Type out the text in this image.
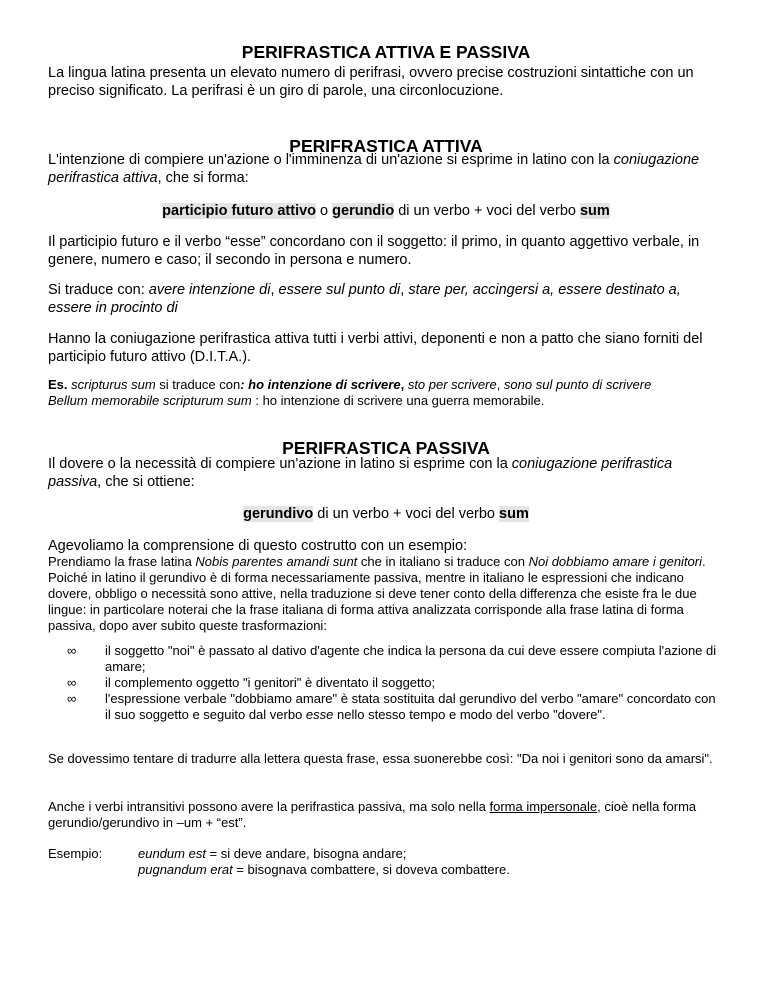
PERIFRASTICA ATTIVA E PASSIVA

La lingua latina presenta un elevato numero di perifrasi, ovvero precise costruzioni sintattiche con un preciso significato. La perifrasi è un giro di parole, una circonlocuzione.

PERIFRASTICA ATTIVA

L'intenzione di compiere un'azione o l'imminenza di un'azione si esprime in latino con la coniugazione perifrastica attiva, che si forma:

participio futuro attivo o gerundio di un verbo + voci del verbo sum

Il participio futuro e il verbo “esse” concordano con il soggetto: il primo, in quanto aggettivo verbale, in genere, numero e caso; il secondo in persona e numero.

Si traduce con: avere intenzione di, essere sul punto di, stare per, accingersi a, essere destinato a, essere in procinto di

Hanno la coniugazione perifrastica attiva tutti i verbi attivi, deponenti e non a patto che siano forniti del participio futuro attivo (D.I.T.A.).

Es. scripturus sum si traduce con: ho intenzione di scrivere, sto per scrivere, sono sul punto di scrivere

Bellum memorabile scripturum sum : ho intenzione di scrivere una guerra memorabile.

PERIFRASTICA PASSIVA

Il dovere o la necessità di compiere un'azione in latino si esprime con la coniugazione perifrastica passiva, che si ottiene:

gerundivo di un verbo + voci del verbo sum

Agevoliamo la comprensione di questo costrutto con un esempio:

Prendiamo la frase latina Nobis parentes amandi sunt che in italiano si traduce con Noi dobbiamo amare i genitori. Poiché in latino il gerundivo è di forma necessariamente passiva, mentre in italiano le espressioni che indicano dovere, obbligo o necessità sono attive, nella traduzione si deve tener conto della differenza che esiste fra le due lingue: in particolare noterai che la frase italiana di forma attiva analizzata corrisponde alla frase latina di forma passiva, dopo aver subito queste trasformazioni:

∞ il soggetto "noi" è passato al dativo d'agente che indica la persona da cui deve essere compiuta l'azione di amare;
∞ il complemento oggetto "i genitori" è diventato il soggetto;
∞ l'espressione verbale "dobbiamo amare" è stata sostituita dal gerundivo del verbo "amare" concordato con il suo soggetto e seguito dal verbo esse nello stesso tempo e modo del verbo "dovere".

Se dovessimo tentare di tradurre alla lettera questa frase, essa suonerebbe così: "Da noi i genitori sono da amarsi".

Anche i verbi intransitivi possono avere la perifrastica passiva, ma solo nella forma impersonale, cioè nella forma gerundio/gerundivo in –um + “est”.

Esempio:	eundum est = si deve andare, bisogna andare;
pugnandum erat = bisognava combattere, si doveva combattere.
